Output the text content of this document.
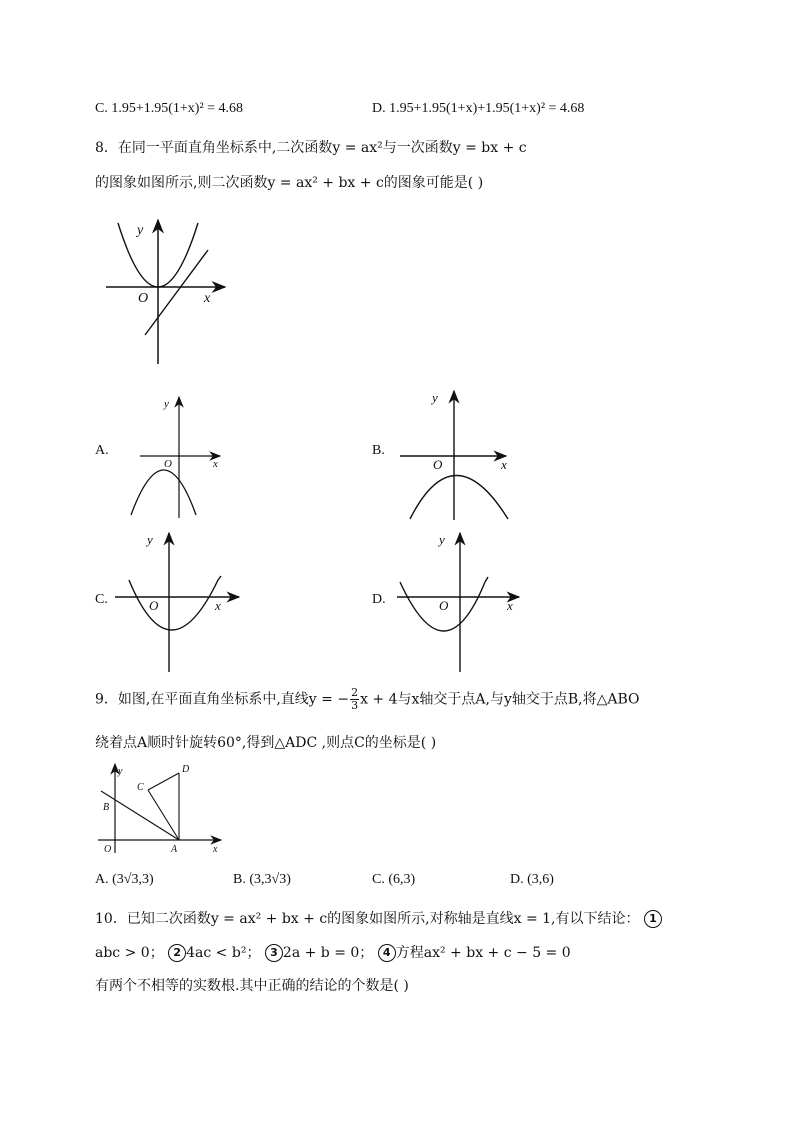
C. 1.95+1.95(1+x)² = 4.68	D. 1.95+1.95(1+x)+1.95(1+x)² = 4.68
8．在同一平面直角坐标系中,二次函数y = ax²与一次函数y = bx + c
的图象如图所示,则二次函数y = ax² + bx + c的图象可能是( )
y
x
O
A.
y
x
O
B.
y
x
O
C.
y
x
O	D.
y
x
O
9．如图,在平面直角坐标系中,直线y = − $\frac{2}{3}$ x + 4与x轴交于点A,与y轴交于点B,将△ABO
绕着点A顺时针旋转60°,得到△ADC ,则点C的坐标是( )
y
x
O	A
B
C
D
A. (3√3,3)	B. (3,3√3)	C. (6,3)	D. (3,6)
10．已知二次函数y = ax² + bx + c的图象如图所示,对称轴是直线x = 1,有以下结论： 1
abc > 0； 2 4ac < b²； 3 2a + b = 0； 4 方程ax² + bx + c − 5 = 0
有两个不相等的实数根.其中正确的结论的个数是( )
